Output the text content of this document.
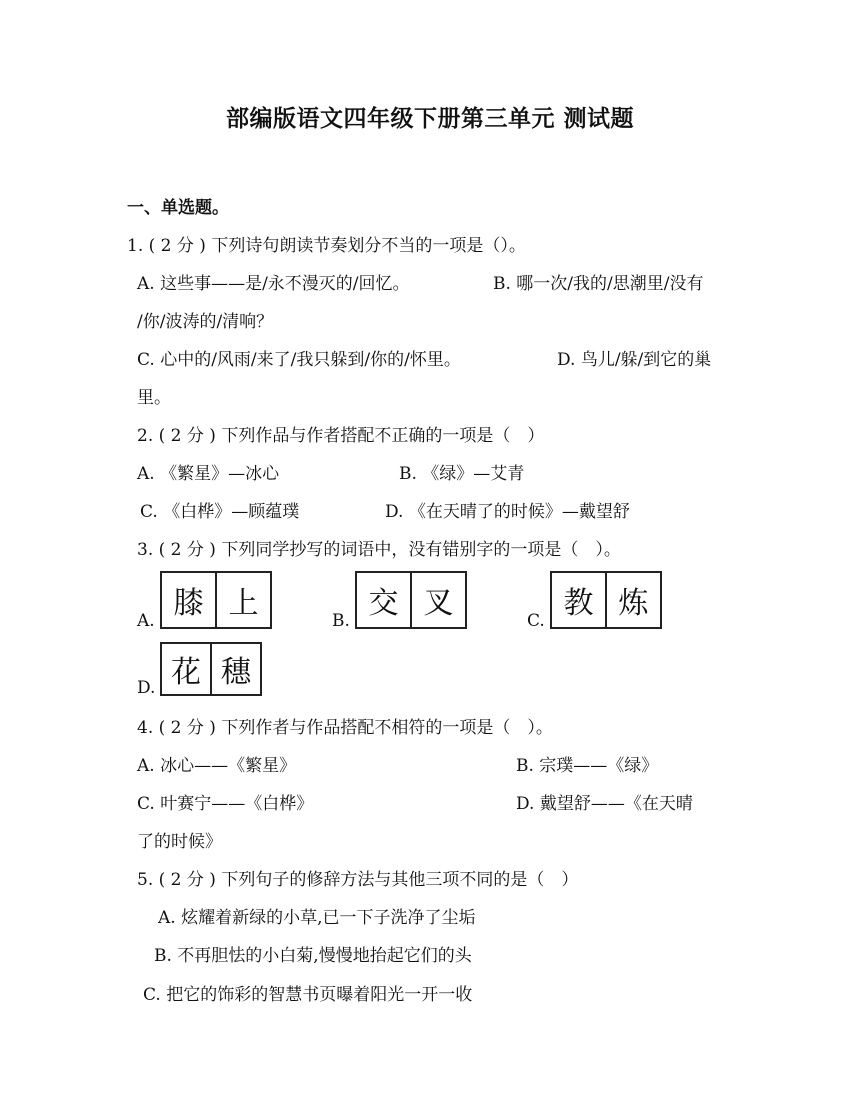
部编版语文四年级下册第三单元 测试题
一、单选题。
1. ( 2 分 ) 下列诗句朗读节奏划分不当的一项是（）。
A. 这些事——是/永不漫灭的/回忆。	B. 哪一次/我的/思潮里/没有
/你/波涛的/清响？
C. 心中的/风雨/来了/我只躲到/你的/怀里。	D. 鸟儿/躲/到它的巢
里。
2. ( 2 分 ) 下列作品与作者搭配不正确的一项是（　）
A. 《繁星》—冰心	B. 《绿》—艾青
C. 《白桦》—顾蕴璞	D. 《在天晴了的时候》—戴望舒
3. ( 2 分 ) 下列同学抄写的词语中，没有错别字的一项是（　）。
A. 膝 上	B. 交 叉	C. 教 炼
D. 花 穗
4. ( 2 分 ) 下列作者与作品搭配不相符的一项是（　）。
A. 冰心——《繁星》	B. 宗璞——《绿》
C. 叶赛宁——《白桦》	D. 戴望舒——《在天晴
了的时候》
5. ( 2 分 ) 下列句子的修辞方法与其他三项不同的是（　）
A. 炫耀着新绿的小草,已一下子洗净了尘垢
B. 不再胆怯的小白菊,慢慢地抬起它们的头
C. 把它的饰彩的智慧书页曝着阳光一开一收
